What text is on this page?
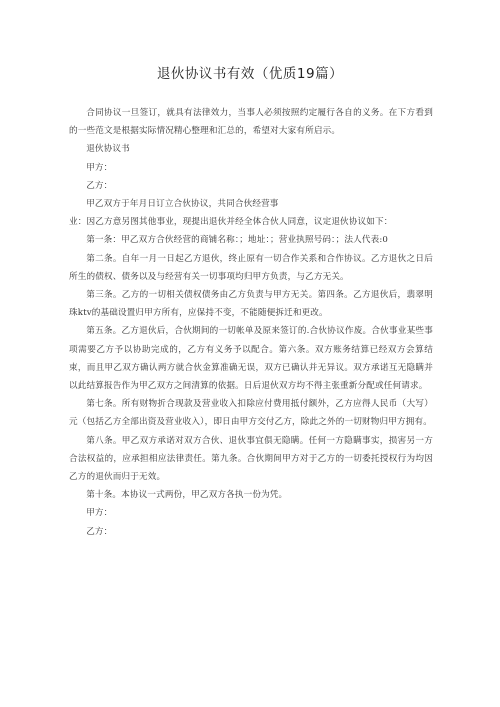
退伙协议书有效（优质19篇）

合同协议一旦签订，就具有法律效力，当事人必须按照约定履行各自的义务。在下方看到的一些范文是根据实际情况精心整理和汇总的，希望对大家有所启示。

退伙协议书

甲方：

乙方：

甲乙双方于年月日订立合伙协议，共同合伙经营事

业：因乙方意另图其他事业，现提出退伙并经全体合伙人同意，议定退伙协议如下：

第一条：甲乙双方合伙经营的商铺名称：；地址：；营业执照号码：；法人代表:0

第二条。自年一月一日起乙方退伙，终止原有一切合作关系和合作协议。乙方退伙之日后所生的债权、债务以及与经营有关一切事项均归甲方负责，与乙方无关。

第三条。乙方的一切相关债权债务由乙方负责与甲方无关。第四条。乙方退伙后，翡翠明珠ktv的基础设置归甲方所有，应保持不变，不能随便拆迁和更改。

第五条。乙方退伙后，合伙期间的一切帐单及原来签订的.合伙协议作废。合伙事业某些事项需要乙方予以协助完成的，乙方有义务予以配合。第六条。双方账务结算已经双方会算结束，而且甲乙双方确认两方就合伙金算准确无误，双方已确认并无异议。双方承诺互无隐瞒并以此结算报告作为甲乙双方之间清算的依据。日后退伙双方均不得主张重新分配或任何请求。

第七条。所有财物折合现款及营业收入扣除应付费用抵付额外，乙方应得人民币（大写）元（包括乙方全部出资及营业收入），即日由甲方交付乙方，除此之外的一切财物归甲方拥有。

第八条。甲乙双方承诺对双方合伙、退伙事宜俱无隐瞒。任何一方隐瞒事实，损害另一方合法权益的，应承担相应法律责任。第九条。合伙期间甲方对于乙方的一切委托授权行为均因乙方的退伙而归于无效。

第十条。本协议一式两份，甲乙双方各执一份为凭。

甲方：

乙方：
